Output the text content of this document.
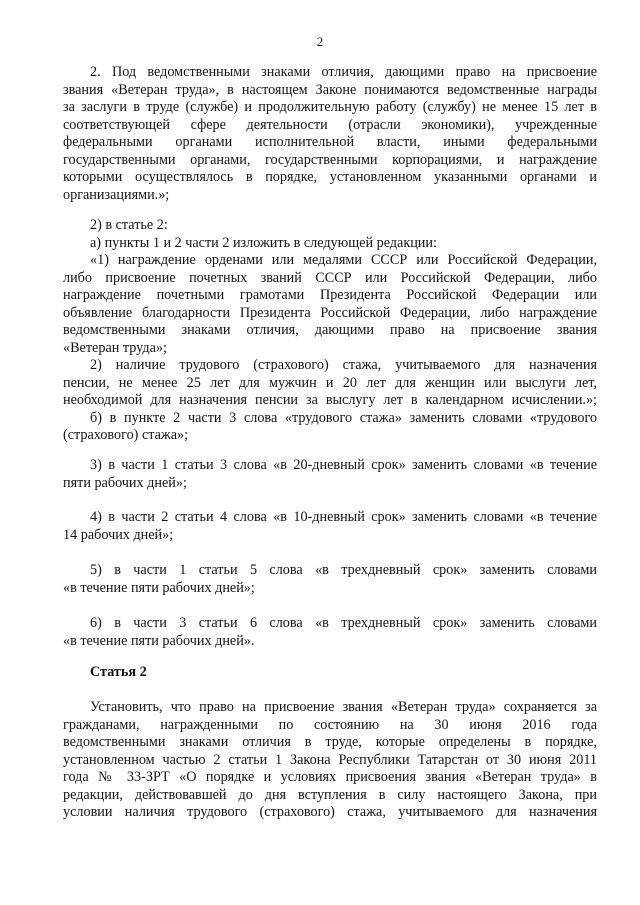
2
2. Под ведомственными знаками отличия, дающими право на присвоение
звания «Ветеран труда», в настоящем Законе понимаются ведомственные награды
за заслуги в труде (службе) и продолжительную работу (службу) не менее 15 лет в
соответствующей сфере деятельности (отрасли экономики), учрежденные
федеральными органами исполнительной власти, иными федеральными
государственными органами, государственными корпорациями, и награждение
которыми осуществлялось в порядке, установленном указанными органами и
организациями.»;
2) в статье 2:
а) пункты 1 и 2 части 2 изложить в следующей редакции:
«1) награждение орденами или медалями СССР или Российской Федерации,
либо присвоение почетных званий СССР или Российской Федерации, либо
награждение почетными грамотами Президента Российской Федерации или
объявление благодарности Президента Российской Федерации, либо награждение
ведомственными знаками отличия, дающими право на присвоение звания
«Ветеран труда»;
2) наличие трудового (страхового) стажа, учитываемого для назначения
пенсии, не менее 25 лет для мужчин и 20 лет для женщин или выслуги лет,
необходимой для назначения пенсии за выслугу лет в календарном исчислении.»;
б) в пункте 2 части 3 слова «трудового стажа» заменить словами «трудового
(страхового) стажа»;
3) в части 1 статьи 3 слова «в 20-дневный срок» заменить словами «в течение
пяти рабочих дней»;
4) в части 2 статьи 4 слова «в 10-дневный срок» заменить словами «в течение
14 рабочих дней»;
5) в части 1 статьи 5 слова «в трехдневный срок» заменить словами
«в течение пяти рабочих дней»;
6) в части 3 статьи 6 слова «в трехдневный срок» заменить словами
«в течение пяти рабочих дней».
Статья 2
Установить, что право на присвоение звания «Ветеран труда» сохраняется за
гражданами, награжденными по состоянию на 30 июня 2016 года
ведомственными знаками отличия в труде, которые определены в порядке,
установленном частью 2 статьи 1 Закона Республики Татарстан от 30 июня 2011
года № 33-ЗРТ «О порядке и условиях присвоения звания «Ветеран труда» в
редакции, действовавшей до дня вступления в силу настоящего Закона, при
условии наличия трудового (страхового) стажа, учитываемого для назначения
